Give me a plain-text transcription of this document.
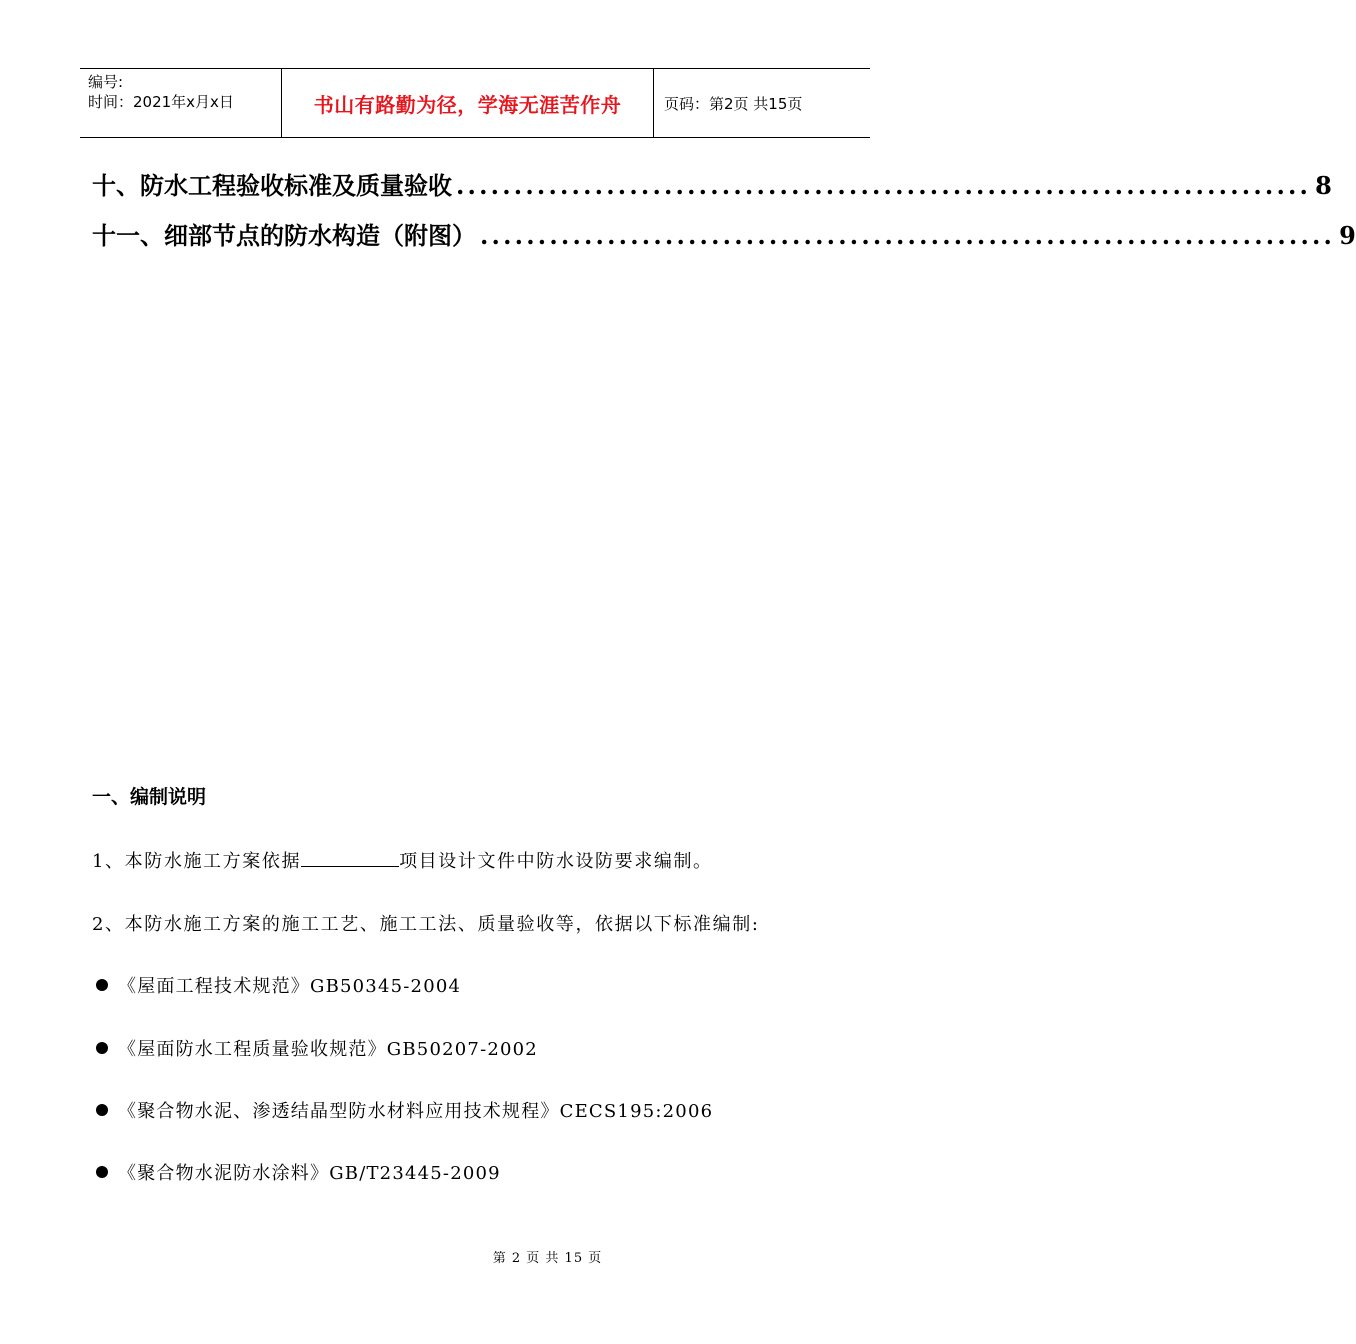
编号:
时间：2021年x月x日	书山有路勤为径，学海无涯苦作舟	页码：第2页 共15页
十、防水工程验收标准及质量验收 .......................................................................... 8
十一、细部节点的防水构造（附图） .......................................................................... 9
一、编制说明
1、本防水施工方案依据	项目设计文件中防水设防要求编制。
2、本防水施工方案的施工工艺、施工工法、质量验收等，依据以下标准编制:
《屋面工程技术规范》GB50345-2004
《屋面防水工程质量验收规范》GB50207-2002
《聚合物水泥、渗透结晶型防水材料应用技术规程》CECS195:2006
《聚合物水泥防水涂料》GB/T23445-2009
第 2 页 共 15 页
